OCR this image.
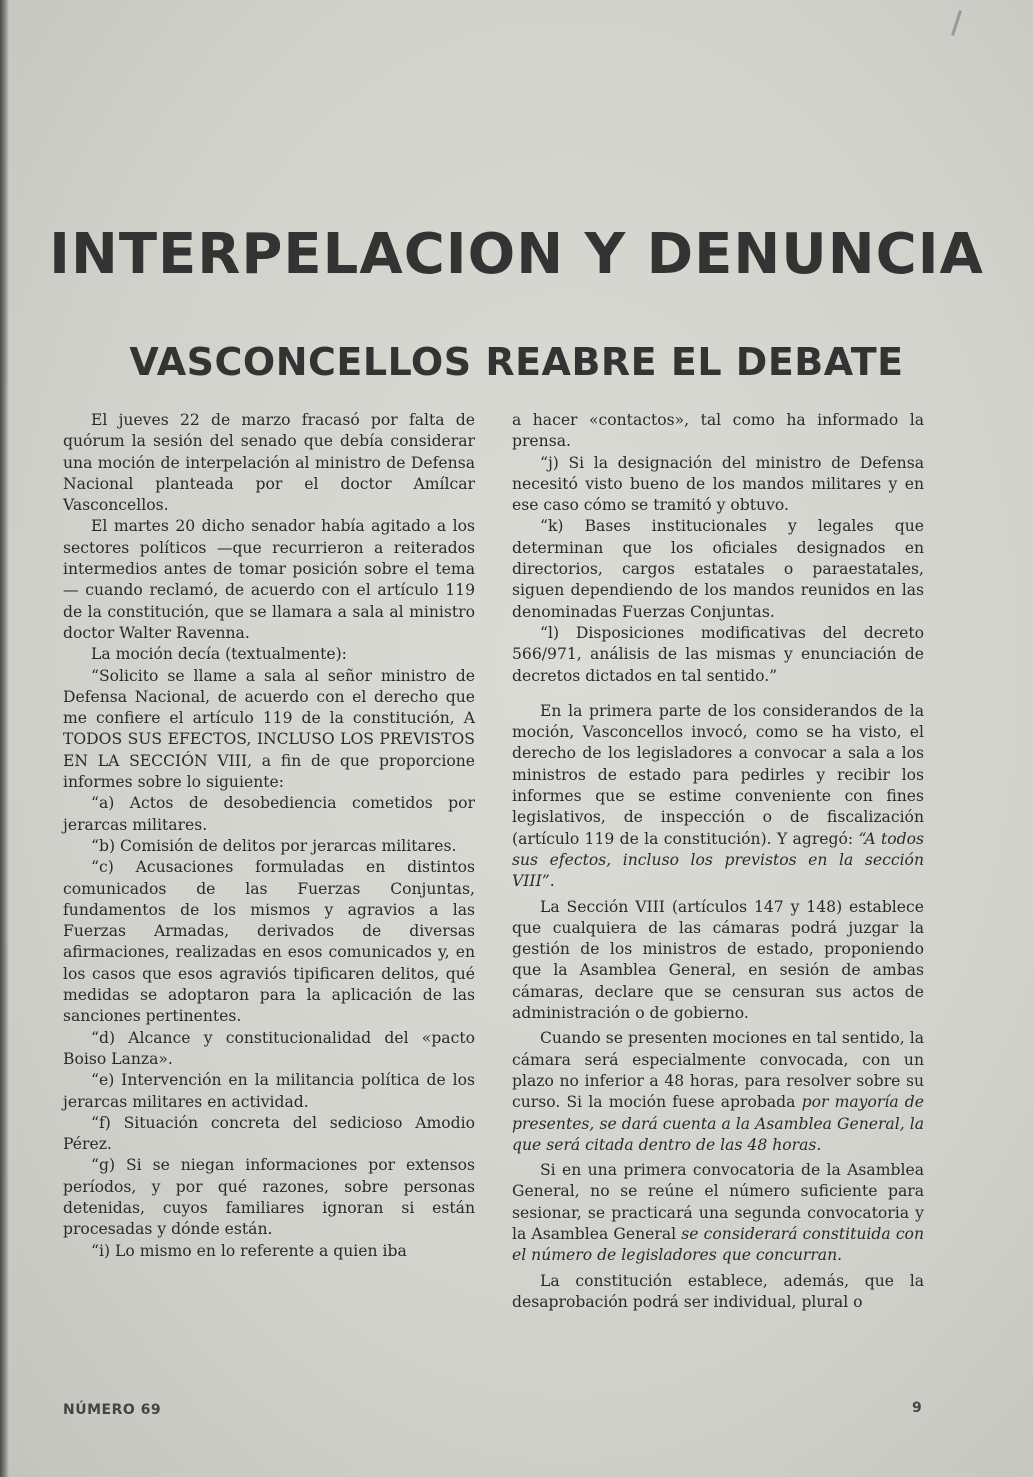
INTERPELACION Y DENUNCIA
VASCONCELLOS REABRE EL DEBATE

El jueves 22 de marzo fracasó por falta de quórum la sesión del senado que debía considerar una moción de interpelación al ministro de Defensa Nacional planteada por el doctor Amílcar Vasconcellos.

El martes 20 dicho senador había agitado a los sectores políticos —que recurrieron a reiterados intermedios antes de tomar posición sobre el tema— cuando reclamó, de acuerdo con el artículo 119 de la constitución, que se llamara a sala al ministro doctor Walter Ravenna.

La moción decía (textualmente):

“Solicito se llame a sala al señor ministro de Defensa Nacional, de acuerdo con el derecho que me confiere el artículo 119 de la constitución, A TODOS SUS EFECTOS, INCLUSO LOS PREVISTOS EN LA SECCIÓN VIII, a fin de que proporcione informes sobre lo siguiente:

“a) Actos de desobediencia cometidos por jerarcas militares.

“b) Comisión de delitos por jerarcas militares.

“c) Acusaciones formuladas en distintos comunicados de las Fuerzas Conjuntas, fundamentos de los mismos y agravios a las Fuerzas Armadas, derivados de diversas afirmaciones, realizadas en esos comunicados y, en los casos que esos agraviós tipificaren delitos, qué medidas se adoptaron para la aplicación de las sanciones pertinentes.

“d) Alcance y constitucionalidad del «pacto Boiso Lanza».

“e) Intervención en la militancia política de los jerarcas militares en actividad.

“f) Situación concreta del sedicioso Amodio Pérez.

“g) Si se niegan informaciones por extensos períodos, y por qué razones, sobre personas detenidas, cuyos familiares ignoran si están procesadas y dónde están.

“i) Lo mismo en lo referente a quien iba

a hacer «contactos», tal como ha informado la prensa.

“j) Si la designación del ministro de Defensa necesitó visto bueno de los mandos militares y en ese caso cómo se tramitó y obtuvo.

“k) Bases institucionales y legales que determinan que los oficiales designados en directorios, cargos estatales o paraestatales, siguen dependiendo de los mandos reunidos en las denominadas Fuerzas Conjuntas.

“l) Disposiciones modificativas del decreto 566/971, análisis de las mismas y enunciación de decretos dictados en tal sentido.”

En la primera parte de los considerandos de la moción, Vasconcellos invocó, como se ha visto, el derecho de los legisladores a convocar a sala a los ministros de estado para pedirles y recibir los informes que se estime conveniente con fines legislativos, de inspección o de fiscalización (artículo 119 de la constitución). Y agregó: “A todos sus efectos, incluso los previstos en la sección VIII”.

La Sección VIII (artículos 147 y 148) establece que cualquiera de las cámaras podrá juzgar la gestión de los ministros de estado, proponiendo que la Asamblea General, en sesión de ambas cámaras, declare que se censuran sus actos de administración o de gobierno.

Cuando se presenten mociones en tal sentido, la cámara será especialmente convocada, con un plazo no inferior a 48 horas, para resolver sobre su curso. Si la moción fuese aprobada por mayoría de presentes, se dará cuenta a la Asamblea General, la que será citada dentro de las 48 horas.

Si en una primera convocatoria de la Asamblea General, no se reúne el número suficiente para sesionar, se practicará una segunda convocatoria y la Asamblea General se considerará constituida con el número de legisladores que concurran.

La constitución establece, además, que la desaprobación podrá ser individual, plural o

NÚMERO 69	9
